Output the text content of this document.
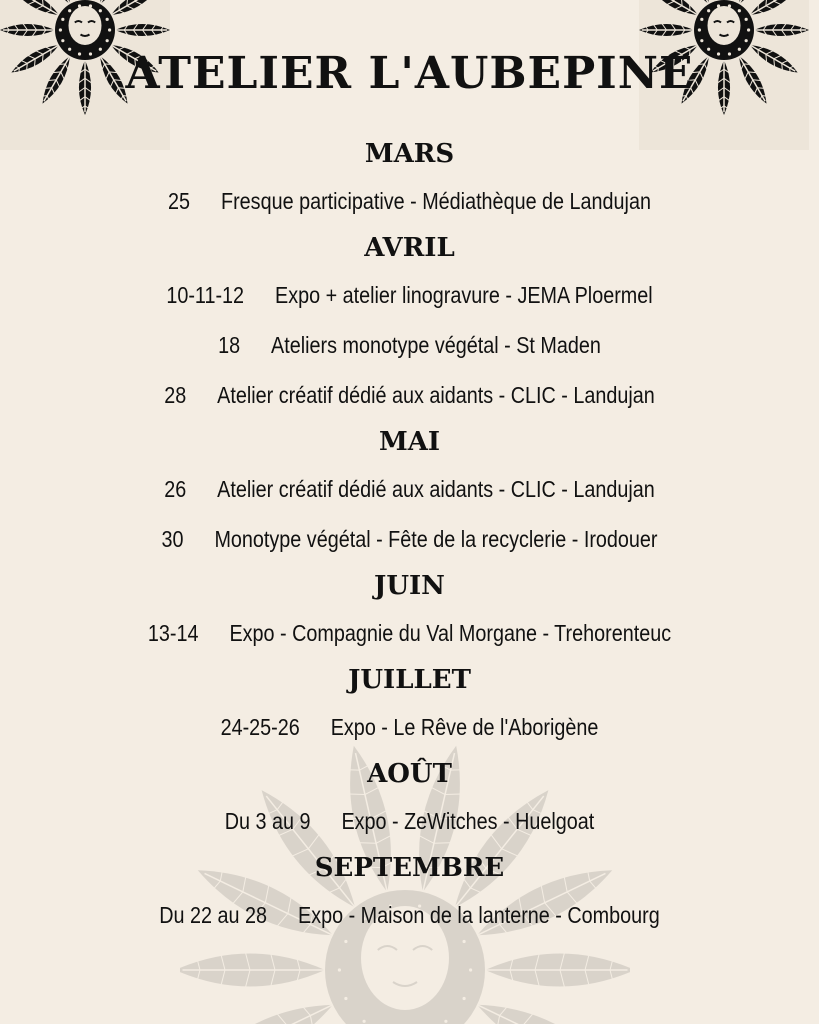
ATELIER L'AUBEPINE
MARS
25 Fresque participative - Médiathèque de Landujan
AVRIL
10-11-12 Expo + atelier linogravure - JEMA Ploermel
18 Ateliers monotype végétal - St Maden
28 Atelier créatif dédié aux aidants - CLIC - Landujan
MAI
26 Atelier créatif dédié aux aidants - CLIC - Landujan
30 Monotype végétal - Fête de la recyclerie - Irodouer
JUIN
13-14 Expo - Compagnie du Val Morgane - Trehorenteuc
JUILLET
24-25-26 Expo - Le Rêve de l'Aborigène
AOÛT
Du 3 au 9 Expo - ZeWitches - Huelgoat
SEPTEMBRE
Du 22 au 28 Expo - Maison de la lanterne - Combourg
